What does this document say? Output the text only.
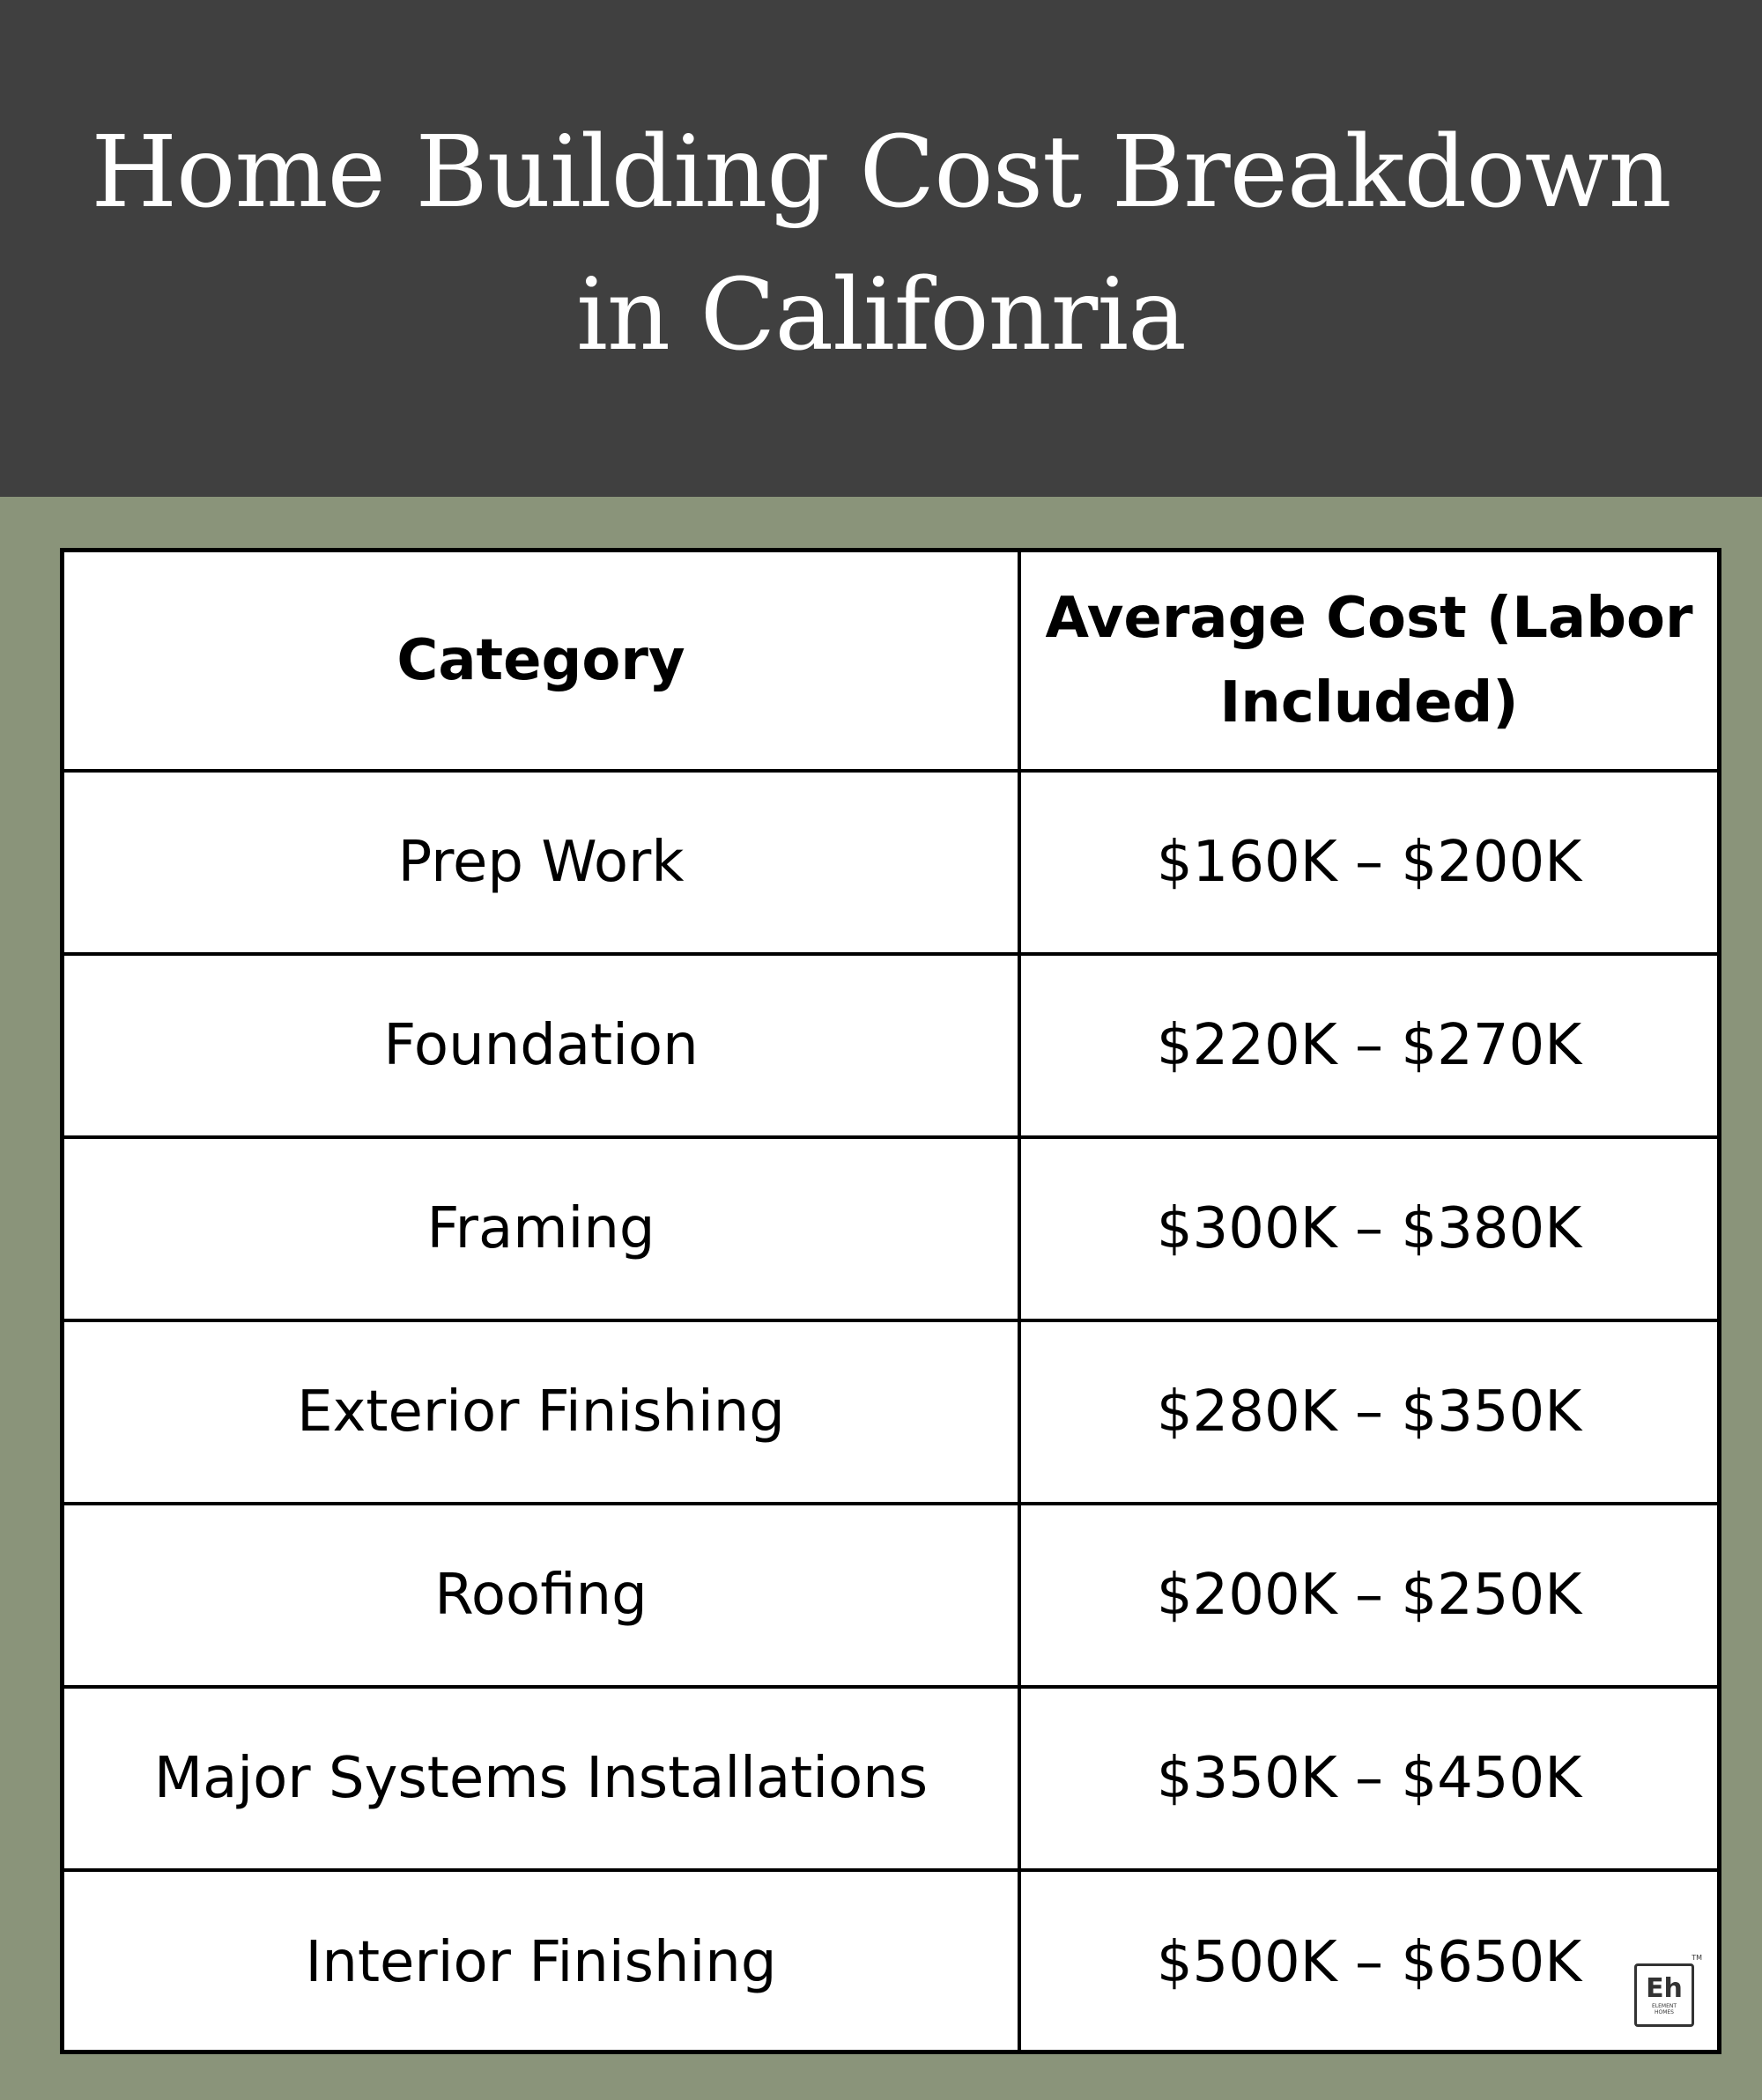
Home Building Cost Breakdown in Califonria
Category	Average Cost (Labor Included)
Prep Work	$160K – $200K
Foundation	$220K – $270K
Framing	$300K – $380K
Exterior Finishing	$280K – $350K
Roofing	$200K – $250K
Major Systems Installations	$350K – $450K
Interior Finishing	$500K – $650K	TM
Eh
ELEMENT
HOMES
